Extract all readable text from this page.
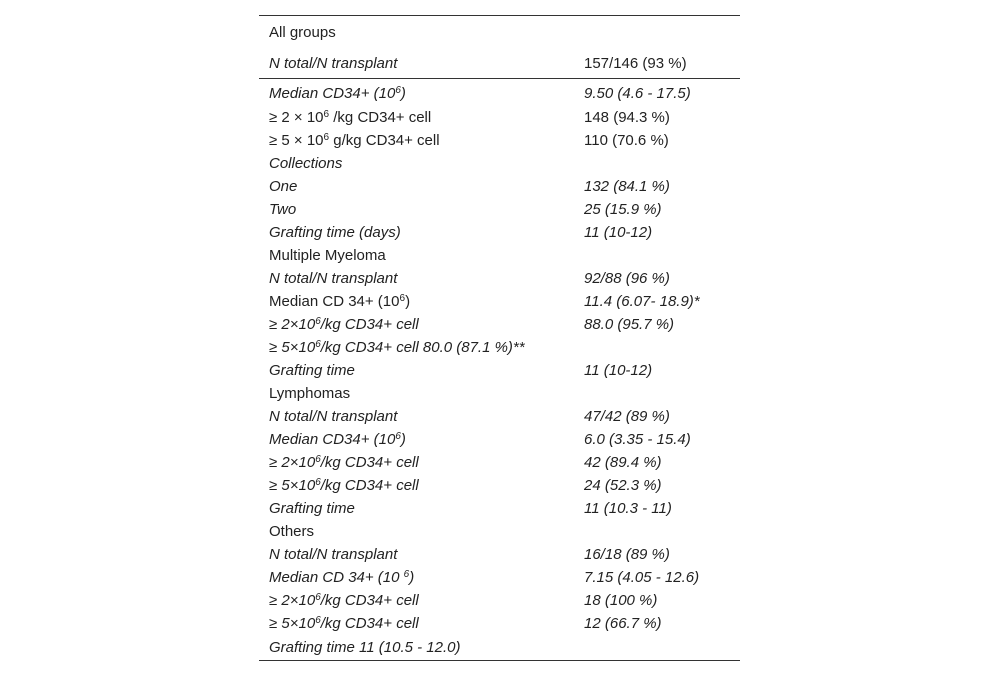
All groups	
N total/N transplant	157/146 (93 %)
Median $CD34+ (10^6)$	9.50 (4.6 - 17.5)
≥ $2 \times 10^6$ /kg CD34+ cell	148 (94.3 %)
≥ $5 \times 10^6$ g/kg CD34+ cell	110 (70.6 %)
Collections	
One	132 (84.1 %)
Two	25 (15.9 %)
Grafting time (days)	11 (10-12)
Multiple Myeloma	
N total/N transplant	92/88 (96 %)
Median CD $34+ (10^6)$	11.4 (6.07- 18.9)*
≥ $2\times 10^6/kg$ CD34+ cell	88.0 (95.7 %)
≥ $5\times 10^6/kg$ CD34+ cell 80.0 (87.1 %)**	
Grafting time	11 (10-12)
Lymphomas	
N total/N transplant	47/42 (89 %)
Median $CD34+ (10^6)$	6.0 (3.35 - 15.4)
≥ $2\times 10^6/kg$ CD34+ cell	42 (89.4 %)
≥ $5\times 10^6/kg$ CD34+ cell	24 (52.3 %)
Grafting time	11 (10.3 - 11)
Others	
N total/N transplant	16/18 (89 %)
Median CD 34+ (10 $^6$)	7.15 (4.05 - 12.6)
≥ $2\times 10^6/kg$ CD34+ cell	18 (100 %)
≥ $5\times 10^6/kg$ CD34+ cell	12 (66.7 %)
Grafting time 11 (10.5 - 12.0)	
